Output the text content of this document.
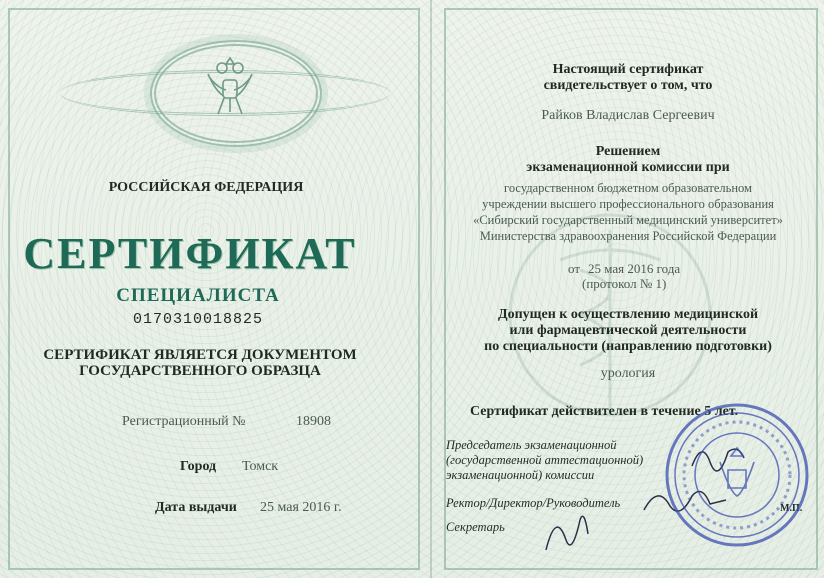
РОССИЙСКАЯ ФЕДЕРАЦИЯ
СЕРТИФИКАТ
СПЕЦИАЛИСТА
0170310018825
СЕРТИФИКАТ ЯВЛЯЕТСЯ ДОКУМЕНТОМ
ГОСУДАРСТВЕННОГО ОБРАЗЦА
Регистрационный №	18908
Город Томск
Дата выдачи 25 мая 2016 г.
Настоящий сертификат
свидетельствует о том, что
Райков Владислав Сергеевич
Решением
экзаменационной комиссии при
государственном бюджетном образовательном
учреждении высшего профессионального образования
«Сибирский государственный медицинский университет»
Министерства здравоохранения Российской Федерации
от 25 мая 2016 года
(протокол № 1)
Допущен к осуществлению медицинской
или фармацевтической деятельности
по специальности (направлению подготовки)
урология
Сертификат действителен в течение 5 лет.
Председатель экзаменационной
(государственной аттестационной)
экзаменационной) комиссии
Ректор/Директор/Руководитель
Секретарь
М.П.
